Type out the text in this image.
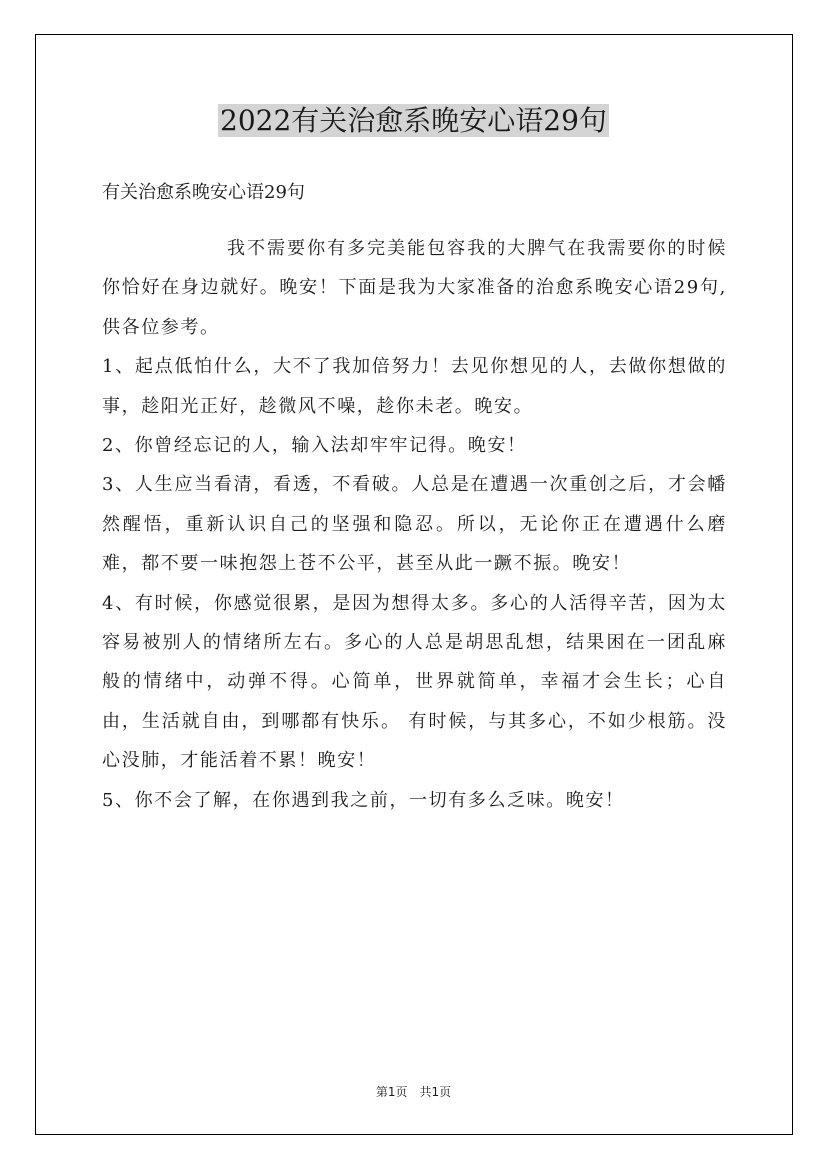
2022有关治愈系晚安心语29句

有关治愈系晚安心语29句

我不需要你有多完美能包容我的大脾气在我需要你的时候你恰好在身边就好。晚安！下面是我为大家准备的治愈系晚安心语29句,供各位参考。

1、起点低怕什么，大不了我加倍努力！去见你想见的人，去做你想做的事，趁阳光正好，趁微风不噪，趁你未老。晚安。

2、你曾经忘记的人，输入法却牢牢记得。晚安！

3、人生应当看清，看透，不看破。人总是在遭遇一次重创之后，才会幡然醒悟，重新认识自己的坚强和隐忍。所以，无论你正在遭遇什么磨难，都不要一味抱怨上苍不公平，甚至从此一蹶不振。晚安！

4、有时候，你感觉很累，是因为想得太多。多心的人活得辛苦，因为太容易被别人的情绪所左右。多心的人总是胡思乱想，结果困在一团乱麻般的情绪中，动弹不得。心简单，世界就简单，幸福才会生长；心自由，生活就自由，到哪都有快乐。 有时候，与其多心，不如少根筋。没心没肺，才能活着不累！晚安！

5、你不会了解，在你遇到我之前，一切有多么乏味。晚安！

第1页 共1页
